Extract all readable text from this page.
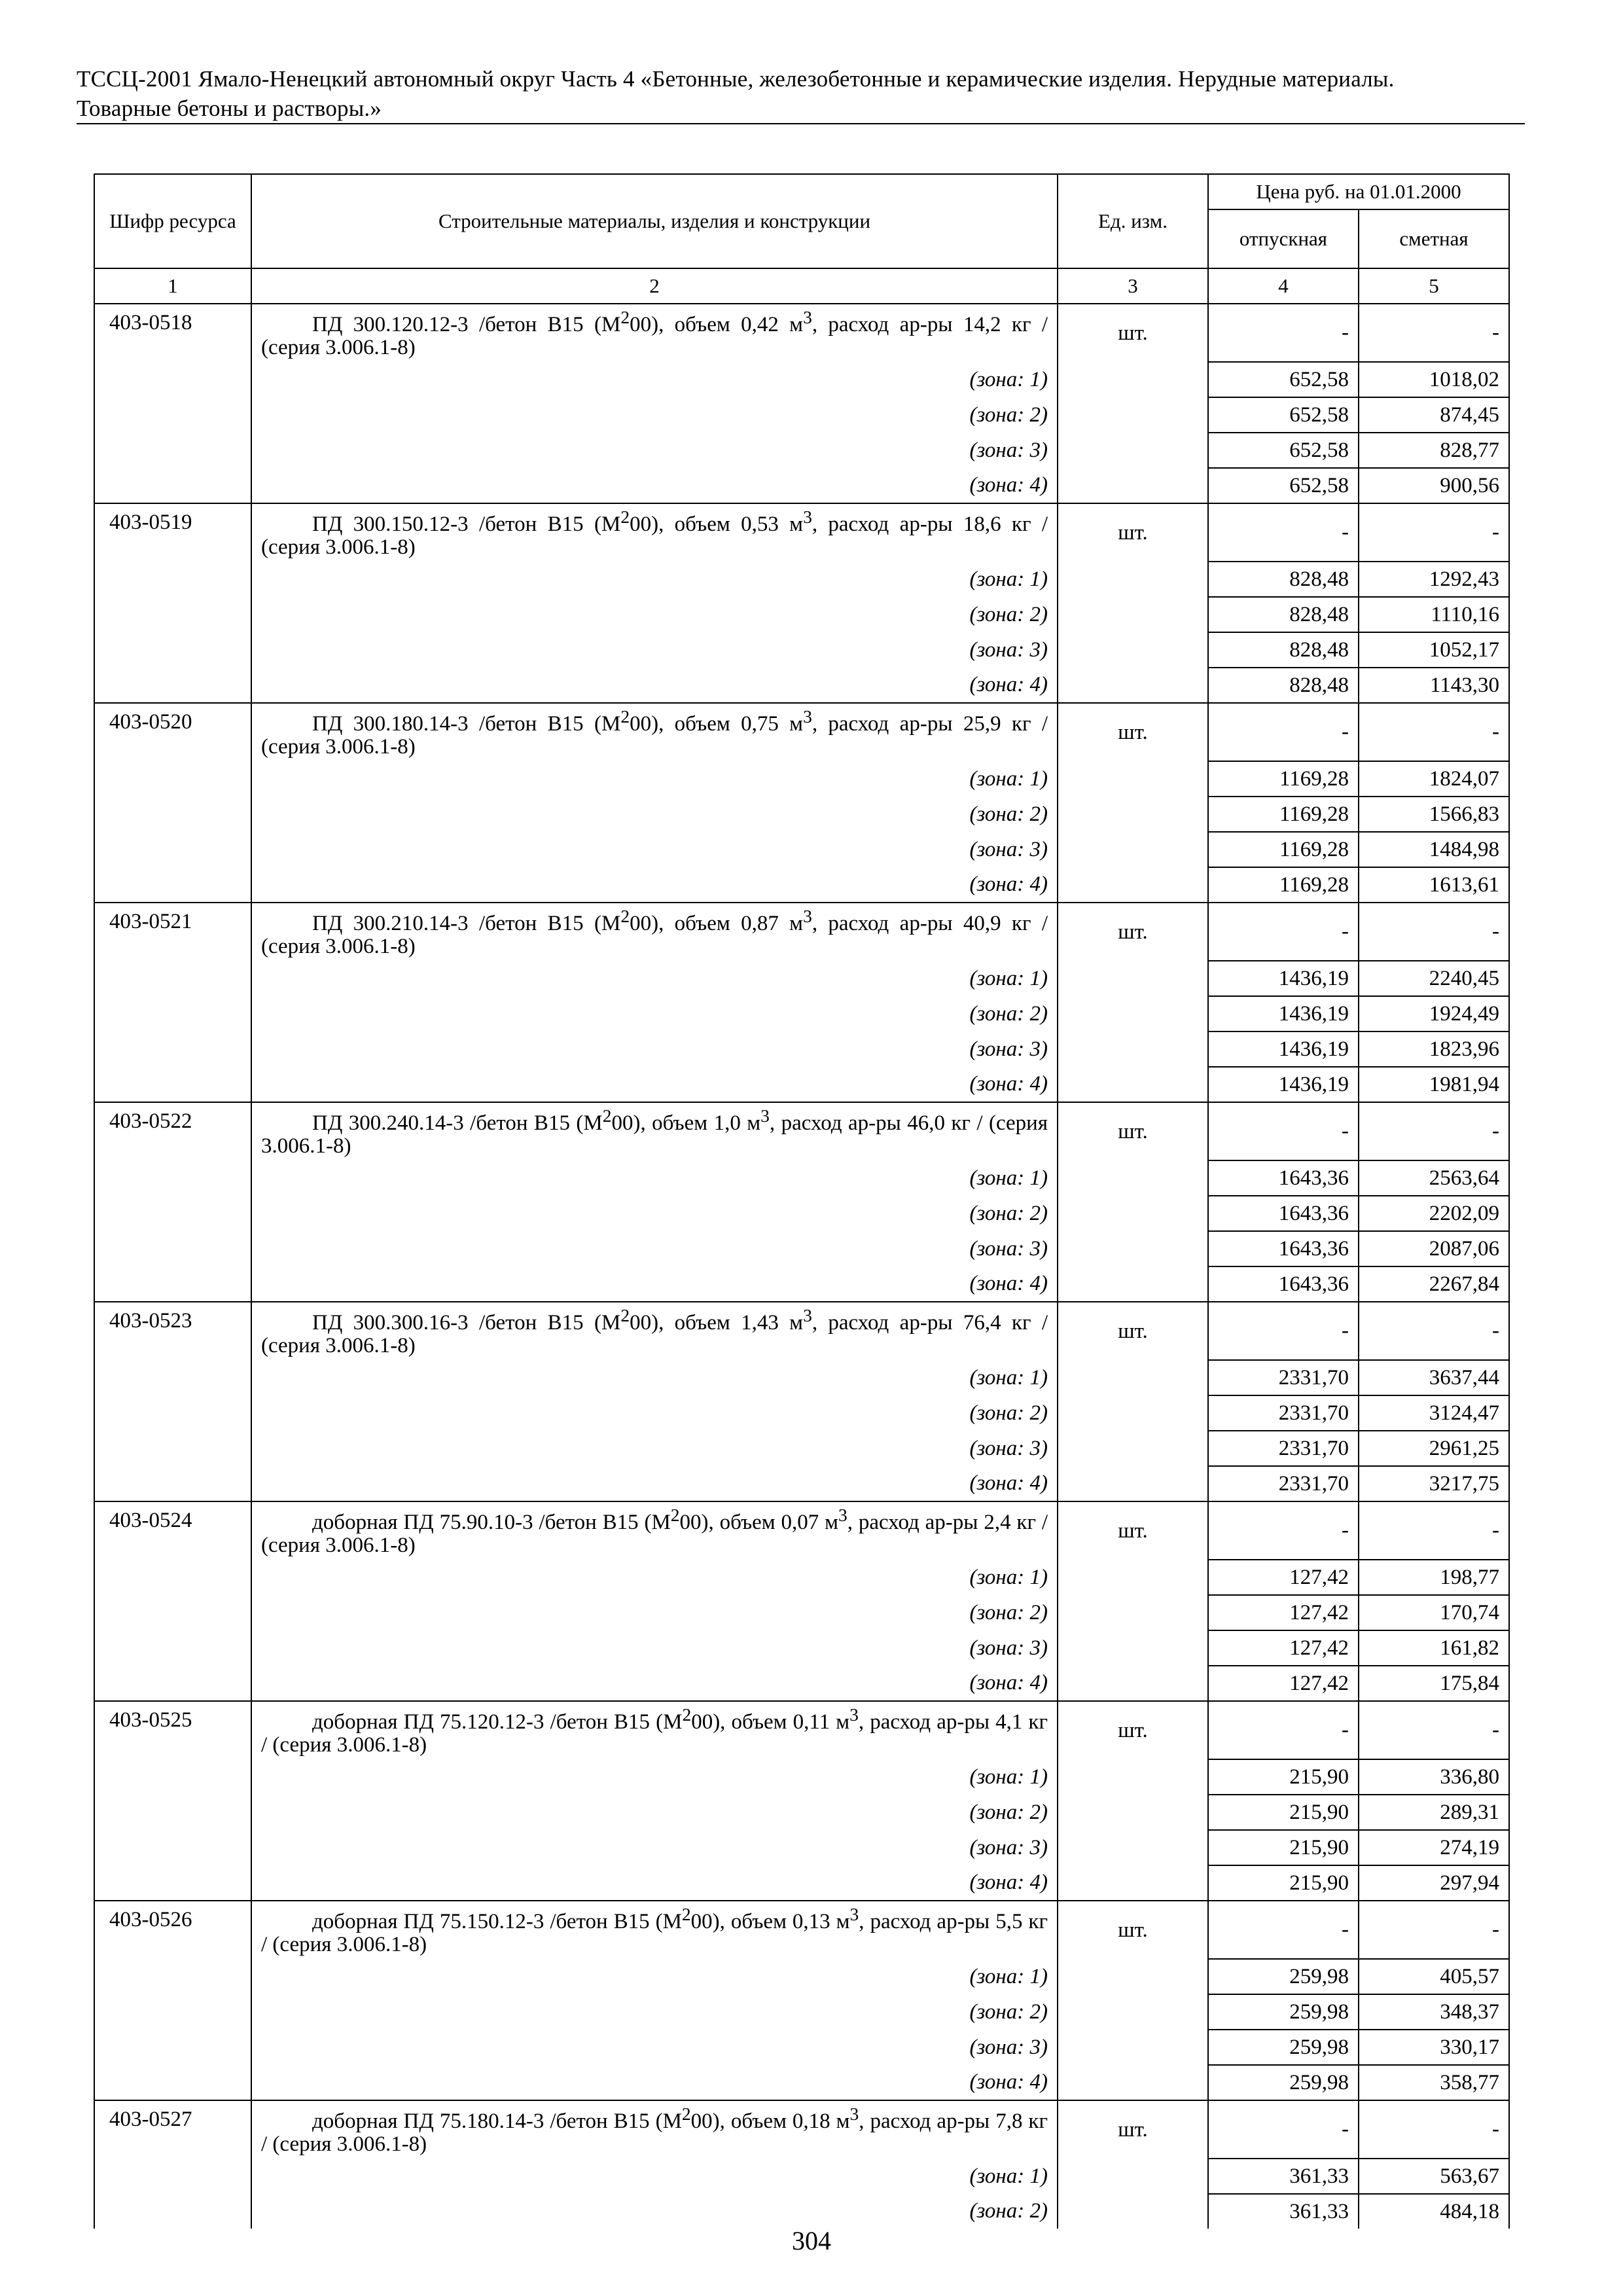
ТССЦ-2001 Ямало-Ненецкий автономный округ Часть 4 «Бетонные, железобетонные и керамические изделия. Нерудные материалы.
Товарные бетоны и растворы.»
Шифр ресурса	Строительные материалы, изделия и конструкции	Ед. изм.	Цена руб. на 01.01.2000	
			отпускная	сметная
1	2	3	4	5
403-0518	ПД 300.120.12-3 /бетон B15 $(M^200)$, объем 0,42 $м^3$, расход ар-ры 14,2 кг / (серия 3.006.1-8)	шт.	-	-
	(зона: 1)		652,58	1018,02
	(зона: 2)		652,58	874,45
	(зона: 3)		652,58	828,77
	(зона: 4)		652,58	900,56
403-0519	ПД 300.150.12-3 /бетон B15 $(M^200)$, объем 0,53 $м^3$, расход ар-ры 18,6 кг / (серия 3.006.1-8)	шт.	-	-
	(зона: 1)		828,48	1292,43
	(зона: 2)		828,48	1110,16
	(зона: 3)		828,48	1052,17
	(зона: 4)		828,48	1143,30
403-0520	ПД 300.180.14-3 /бетон B15 $(M^200)$, объем 0,75 $м^3$, расход ар-ры 25,9 кг / (серия 3.006.1-8)	шт.	-	-
	(зона: 1)		1169,28	1824,07
	(зона: 2)		1169,28	1566,83
	(зона: 3)		1169,28	1484,98
	(зона: 4)		1169,28	1613,61
403-0521	ПД 300.210.14-3 /бетон B15 $(M^200)$, объем 0,87 $м^3$, расход ар-ры 40,9 кг / (серия 3.006.1-8)	шт.	-	-
	(зона: 1)		1436,19	2240,45
	(зона: 2)		1436,19	1924,49
	(зона: 3)		1436,19	1823,96
	(зона: 4)		1436,19	1981,94
403-0522	ПД 300.240.14-3 /бетон B15 $(M^200)$, объем 1,0 $м^3$, расход ар-ры 46,0 кг / (серия 3.006.1-8)	шт.	-	-
	(зона: 1)		1643,36	2563,64
	(зона: 2)		1643,36	2202,09
	(зона: 3)		1643,36	2087,06
	(зона: 4)		1643,36	2267,84
403-0523	ПД 300.300.16-3 /бетон B15 $(M^200)$, объем 1,43 $м^3$, расход ар-ры 76,4 кг / (серия 3.006.1-8)	шт.	-	-
	(зона: 1)		2331,70	3637,44
	(зона: 2)		2331,70	3124,47
	(зона: 3)		2331,70	2961,25
	(зона: 4)		2331,70	3217,75
403-0524	доборная ПД 75.90.10-3 /бетон B15 $(M^200)$, объем 0,07 $м^3$, расход ар-ры 2,4 кг / (серия 3.006.1-8)	шт.	-	-
	(зона: 1)		127,42	198,77
	(зона: 2)		127,42	170,74
	(зона: 3)		127,42	161,82
	(зона: 4)		127,42	175,84
403-0525	доборная ПД 75.120.12-3 /бетон B15 $(M^200)$, объем 0,11 $м^3$, расход ар-ры 4,1 кг / (серия 3.006.1-8)	шт.	-	-
	(зона: 1)		215,90	336,80
	(зона: 2)		215,90	289,31
	(зона: 3)		215,90	274,19
	(зона: 4)		215,90	297,94
403-0526	доборная ПД 75.150.12-3 /бетон B15 $(M^200)$, объем 0,13 $м^3$, расход ар-ры 5,5 кг / (серия 3.006.1-8)	шт.	-	-
	(зона: 1)		259,98	405,57
	(зона: 2)		259,98	348,37
	(зона: 3)		259,98	330,17
	(зона: 4)		259,98	358,77
403-0527	доборная ПД 75.180.14-3 /бетон B15 $(M^200)$, объем 0,18 $м^3$, расход ар-ры 7,8 кг / (серия 3.006.1-8)	шт.	-	-
	(зона: 1)		361,33	563,67
	(зона: 2)		361,33	484,18
304
